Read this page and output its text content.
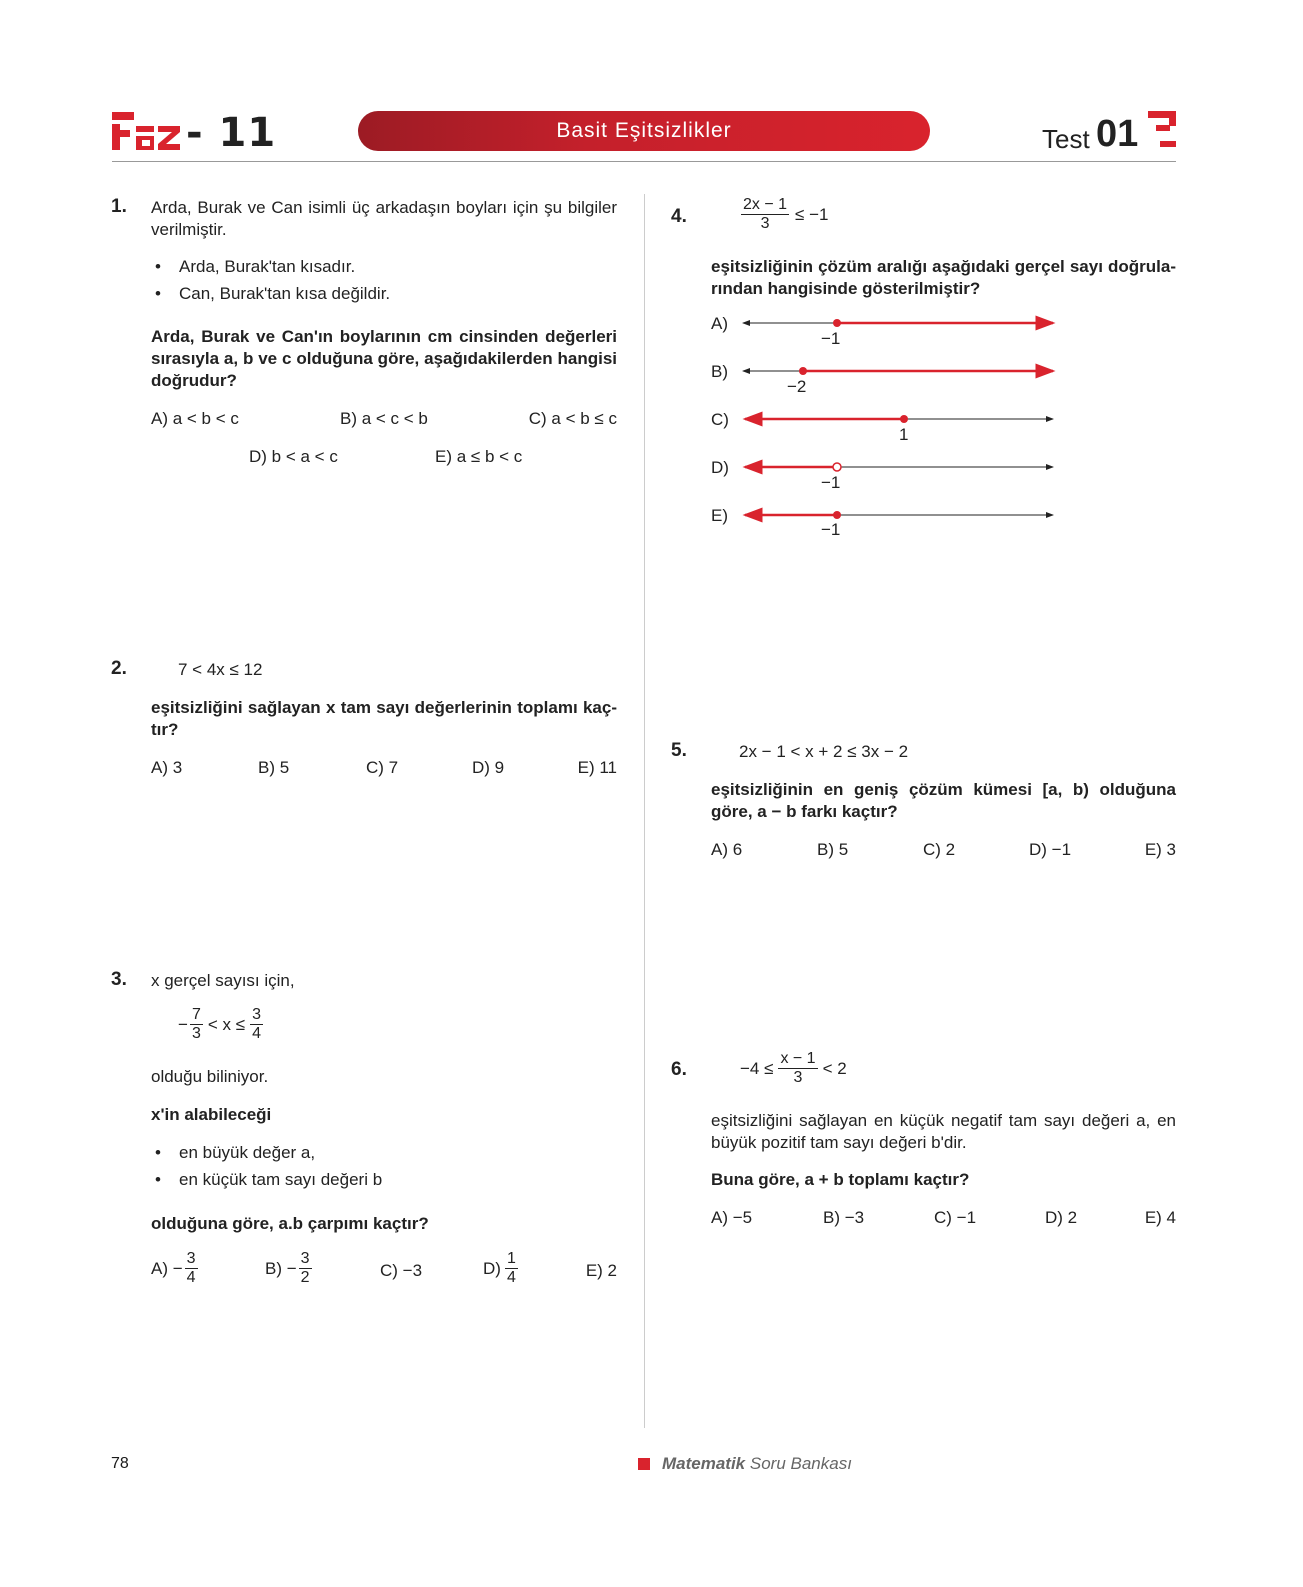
- 11	Basit Eşitsizlikler	Test 01
1. Arda, Burak ve Can isimli üç arkadaşın boyları için şu bilgiler verilmiştir.
• Arda, Burak'tan kısadır.
• Can, Burak'tan kısa değildir.
Arda, Burak ve Can'ın boylarının cm cinsinden değerleri sırasıyla a, b ve c olduğuna göre, aşağıdakilerden hangisi doğrudur?
A) a < b < c	B) a < c < b	C) a < b ≤ c
D) b < a < c	E) a ≤ b < c
2.	7 < 4x ≤ 12
eşitsizliğini sağlayan x tam sayı değerlerinin toplamı kaç-tır?
A) 3	B) 5	C) 7	D) 9	E) 11
3. x gerçel sayısı için,
− $\frac{7}{3} < x \le \frac{3}{4}$
olduğu biliniyor.
x'in alabileceği
• en büyük değer a,
• en küçük tam sayı değeri b
olduğuna göre, a.b çarpımı kaçtır?
$A) - \frac{3}{4}$	$B) - \frac{3}{2}$	C) −3	$D) \frac{1}{4}$	E) 2
4.	$\frac{2x - 1}{3} \le -1$
eşitsizliğinin çözüm aralığı aşağıdaki gerçel sayı doğrula-rından hangisinde gösterilmiştir?
A)
B)
C)
D)
E)
−1
−2
1
−1
−1
5.	2x − 1 < x + 2 ≤ 3x − 2
eşitsizliğinin en geniş çözüm kümesi [a, b) olduğuna göre, a − b farkı kaçtır?
A) 6	B) 5	C) 2	D) −1	E) 3
6.	$-4 \le \frac{x - 1}{3} < 2$
eşitsizliğini sağlayan en küçük negatif tam sayı değeri a, en büyük pozitif tam sayı değeri b'dir.
Buna göre, a + b toplamı kaçtır?
A) −5	B) −3	C) −1	D) 2	E) 4
78	Matematik Soru Bankası
